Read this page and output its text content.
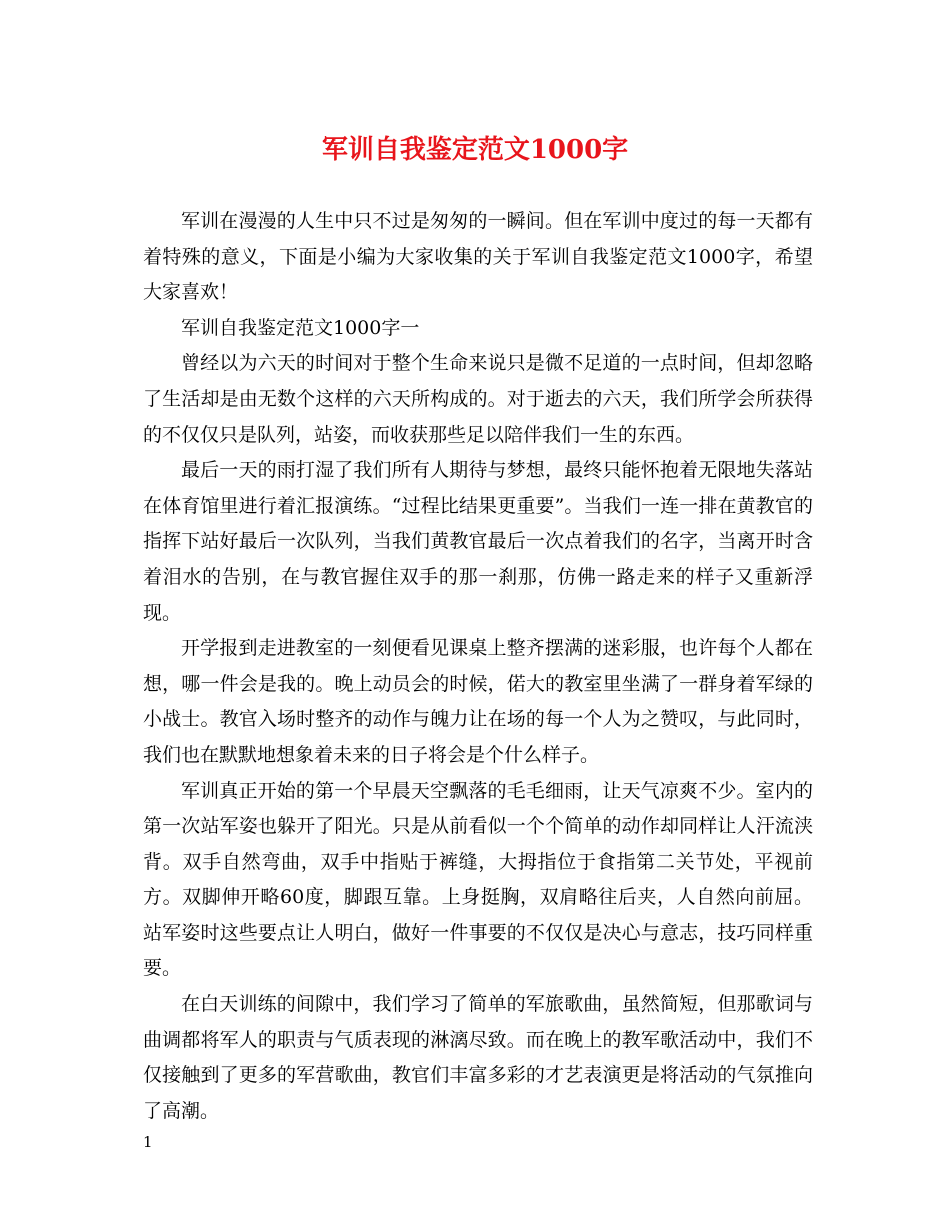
军训自我鉴定范文1000字

军训在漫漫的人生中只不过是匆匆的一瞬间。但在军训中度过的每一天都有着特殊的意义，下面是小编为大家收集的关于军训自我鉴定范文1000字，希望大家喜欢！

军训自我鉴定范文1000字一

曾经以为六天的时间对于整个生命来说只是微不足道的一点时间，但却忽略了生活却是由无数个这样的六天所构成的。对于逝去的六天，我们所学会所获得的不仅仅只是队列，站姿，而收获那些足以陪伴我们一生的东西。

最后一天的雨打湿了我们所有人期待与梦想，最终只能怀抱着无限地失落站在体育馆里进行着汇报演练。“过程比结果更重要”。当我们一连一排在黄教官的指挥下站好最后一次队列，当我们黄教官最后一次点着我们的名字，当离开时含着泪水的告别，在与教官握住双手的那一刹那，仿佛一路走来的样子又重新浮现。

开学报到走进教室的一刻便看见课桌上整齐摆满的迷彩服，也许每个人都在想，哪一件会是我的。晚上动员会的时候，偌大的教室里坐满了一群身着军绿的小战士。教官入场时整齐的动作与魄力让在场的每一个人为之赞叹，与此同时，我们也在默默地想象着未来的日子将会是个什么样子。

军训真正开始的第一个早晨天空飘落的毛毛细雨，让天气凉爽不少。室内的第一次站军姿也躲开了阳光。只是从前看似一个个简单的动作却同样让人汗流浃背。双手自然弯曲，双手中指贴于裤缝，大拇指位于食指第二关节处，平视前方。双脚伸开略60度，脚跟互靠。上身挺胸，双肩略往后夹，人自然向前屈。站军姿时这些要点让人明白，做好一件事要的不仅仅是决心与意志，技巧同样重要。

在白天训练的间隙中，我们学习了简单的军旅歌曲，虽然简短，但那歌词与曲调都将军人的职责与气质表现的淋漓尽致。而在晚上的教军歌活动中，我们不仅接触到了更多的军营歌曲，教官们丰富多彩的才艺表演更是将活动的气氛推向了高潮。

1
